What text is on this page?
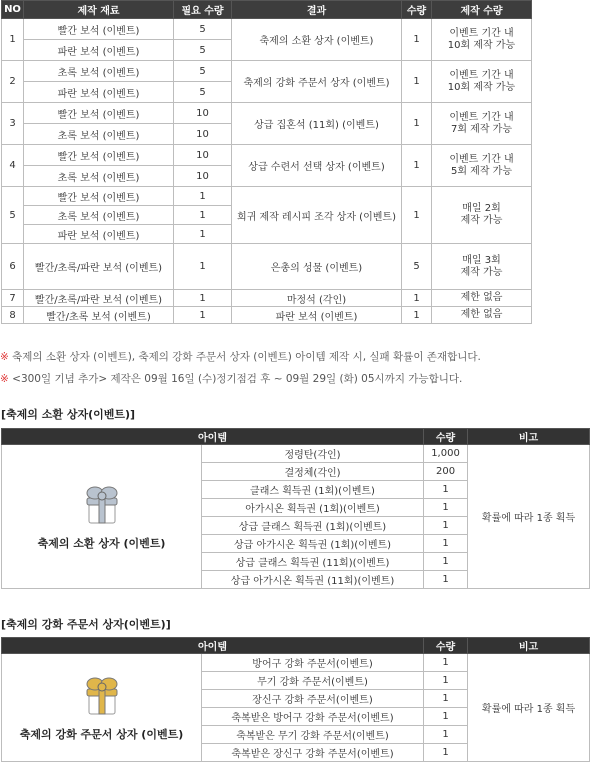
NO	제작 재료	필요 수량	결과	수량	제작 수량
1	빨간 보석 (이벤트)	5	축제의 소환 상자 (이벤트)	1	이벤트 기간 내
10회 제작 가능

	파란 보석 (이벤트)	5			
2	초록 보석 (이벤트)	5	축제의 강화 주문서 상자 (이벤트)	1	이벤트 기간 내
10회 제작 가능

	파란 보석 (이벤트)	5			
3	빨간 보석 (이벤트)	10	상급 집혼석 (11회) (이벤트)	1	이벤트 기간 내
7회 제작 가능

	초록 보석 (이벤트)	10			
4	빨간 보석 (이벤트)	10	상급 수련서 선택 상자 (이벤트)	1	이벤트 기간 내
5회 제작 가능

	초록 보석 (이벤트)	10			
5	빨간 보석 (이벤트)	1	희귀 제작 레시피 조각 상자 (이벤트)	1	매일 2회
제작 가능

	초록 보석 (이벤트)	1			
	파란 보석 (이벤트)	1			
6	빨간/초록/파란 보석 (이벤트)	1	은총의 성물 (이벤트)	5	매일 3회
제작 가능

7	빨간/초록/파란 보석 (이벤트)	1	마정석 (각인)	1	제한 없음

8	빨간/초록 보석 (이벤트)	1	파란 보석 (이벤트)	1	제한 없음
※ 축제의 소환 상자 (이벤트), 축제의 강화 주문서 상자 (이벤트) 아이템 제작 시, 실패 확률이 존재합니다.
※ <300일 기념 추가> 제작은 09월 16일 (수)정기점검 후 ~ 09월 29일 (화) 05시까지 가능합니다.
[축제의 소환 상자(이벤트)]
아이템		수량	비고

축제의 소환 상자 (이벤트)	정령탄(각인)	1,000	확률에 따라 1종 획득
	결정체(각인)	200	
	클래스 획득권 (1회)(이벤트)	1	
	아가시온 획득권 (1회)(이벤트)	1	
	상급 클래스 획득권 (1회)(이벤트)	1	
	상급 아가시온 획득권 (1회)(이벤트)	1	
	상급 클래스 획득권 (11회)(이벤트)	1	
	상급 아가시온 획득권 (11회)(이벤트)	1	
[축제의 강화 주문서 상자(이벤트)]
아이템		수량	비고

축제의 강화 주문서 상자 (이벤트)	방어구 강화 주문서(이벤트)	1	확률에 따라 1종 획득
	무기 강화 주문서(이벤트)	1	
	장신구 강화 주문서(이벤트)	1	
	축복받은 방어구 강화 주문서(이벤트)	1	
	축복받은 무기 강화 주문서(이벤트)	1	
	축복받은 장신구 강화 주문서(이벤트)	1	
